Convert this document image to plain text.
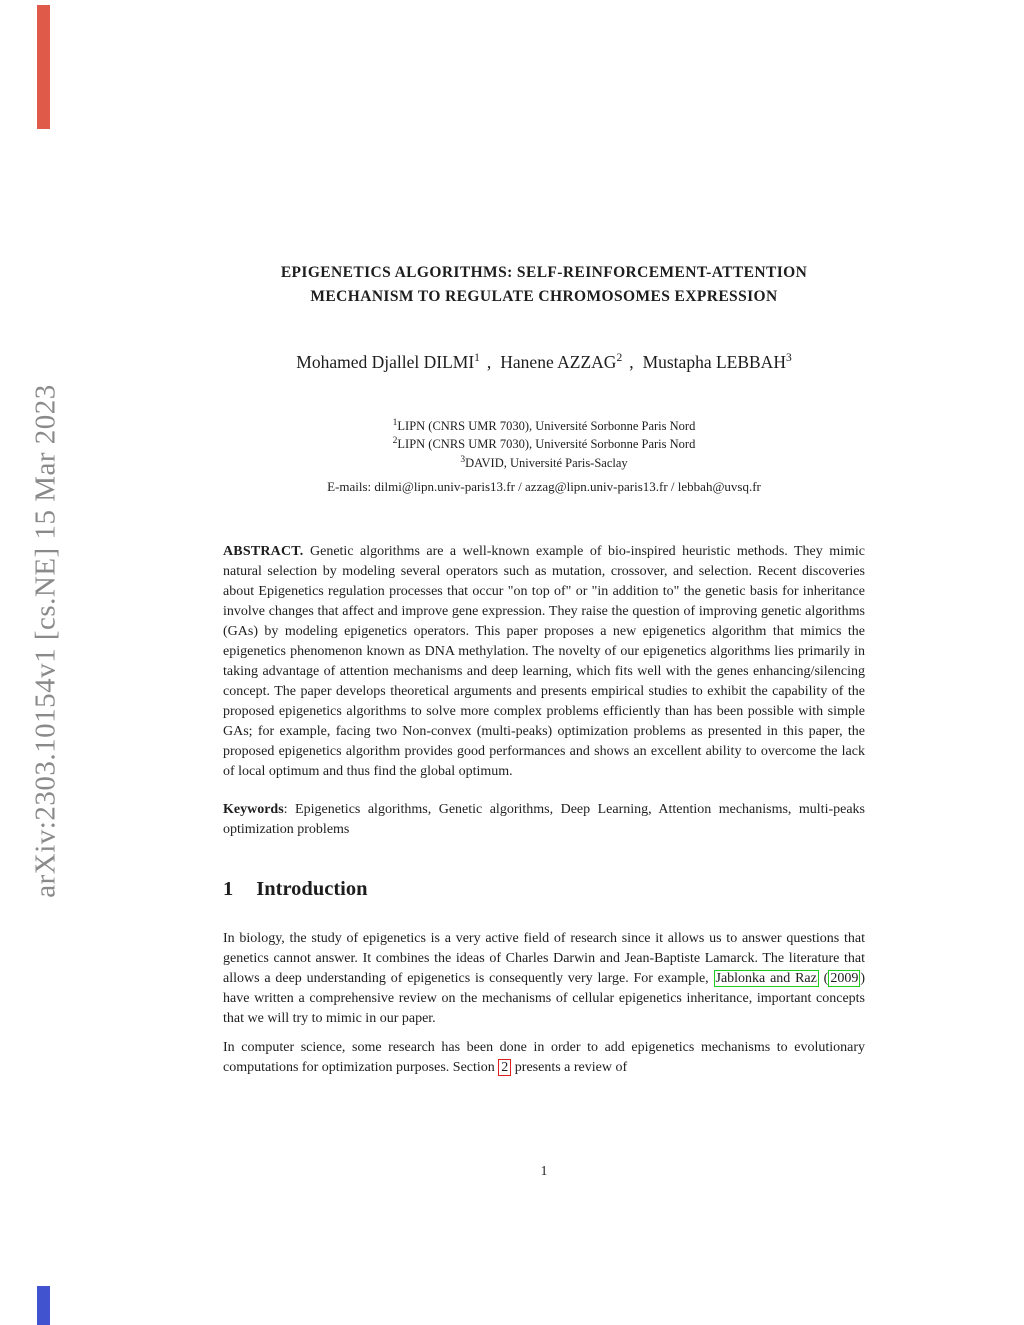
arXiv:2303.10154v1 [cs.NE] 15 Mar 2023
EPIGENETICS ALGORITHMS: SELF-REINFORCEMENT-ATTENTION
MECHANISM TO REGULATE CHROMOSOMES EXPRESSION
Mohamed Djallel DILMI$^1$ , Hanene AZZAG$^2$ , Mustapha LEBBAH$^3$
$^1$LIPN (CNRS UMR 7030), Université Sorbonne Paris Nord
$^2$LIPN (CNRS UMR 7030), Université Sorbonne Paris Nord
$^3$DAVID, Université Paris-Saclay
E-mails: dilmi@lipn.univ-paris13.fr / azzag@lipn.univ-paris13.fr / lebbah@uvsq.fr

ABSTRACT. Genetic algorithms are a well-known example of bio-inspired heuristic methods. They mimic natural selection by modeling several operators such as mutation, crossover, and selection. Recent discoveries about Epigenetics regulation processes that occur "on top of" or "in addition to" the genetic basis for inheritance involve changes that affect and improve gene expression. They raise the question of improving genetic algorithms (GAs) by modeling epigenetics operators. This paper proposes a new epigenetics algorithm that mimics the epigenetics phenomenon known as DNA methylation. The novelty of our epigenetics algorithms lies primarily in taking advantage of attention mechanisms and deep learning, which fits well with the genes enhancing/silencing concept. The paper develops theoretical arguments and presents empirical studies to exhibit the capability of the proposed epigenetics algorithms to solve more complex problems efficiently than has been possible with simple GAs; for example, facing two Non-convex (multi-peaks) optimization problems as presented in this paper, the proposed epigenetics algorithm provides good performances and shows an excellent ability to overcome the lack of local optimum and thus find the global optimum.

Keywords: Epigenetics algorithms, Genetic algorithms, Deep Learning, Attention mechanisms, multi-peaks optimization problems

1 Introduction

In biology, the study of epigenetics is a very active field of research since it allows us to answer questions that genetics cannot answer. It combines the ideas of Charles Darwin and Jean-Baptiste Lamarck. The literature that allows a deep understanding of epigenetics is consequently very large. For example, Jablonka and Raz ( 2009 ) have written a comprehensive review on the mechanisms of cellular epigenetics inheritance, important concepts that we will try to mimic in our paper.

In computer science, some research has been done in order to add epigenetics mechanisms to evolutionary computations for optimization purposes. Section 2 presents a review of

1
